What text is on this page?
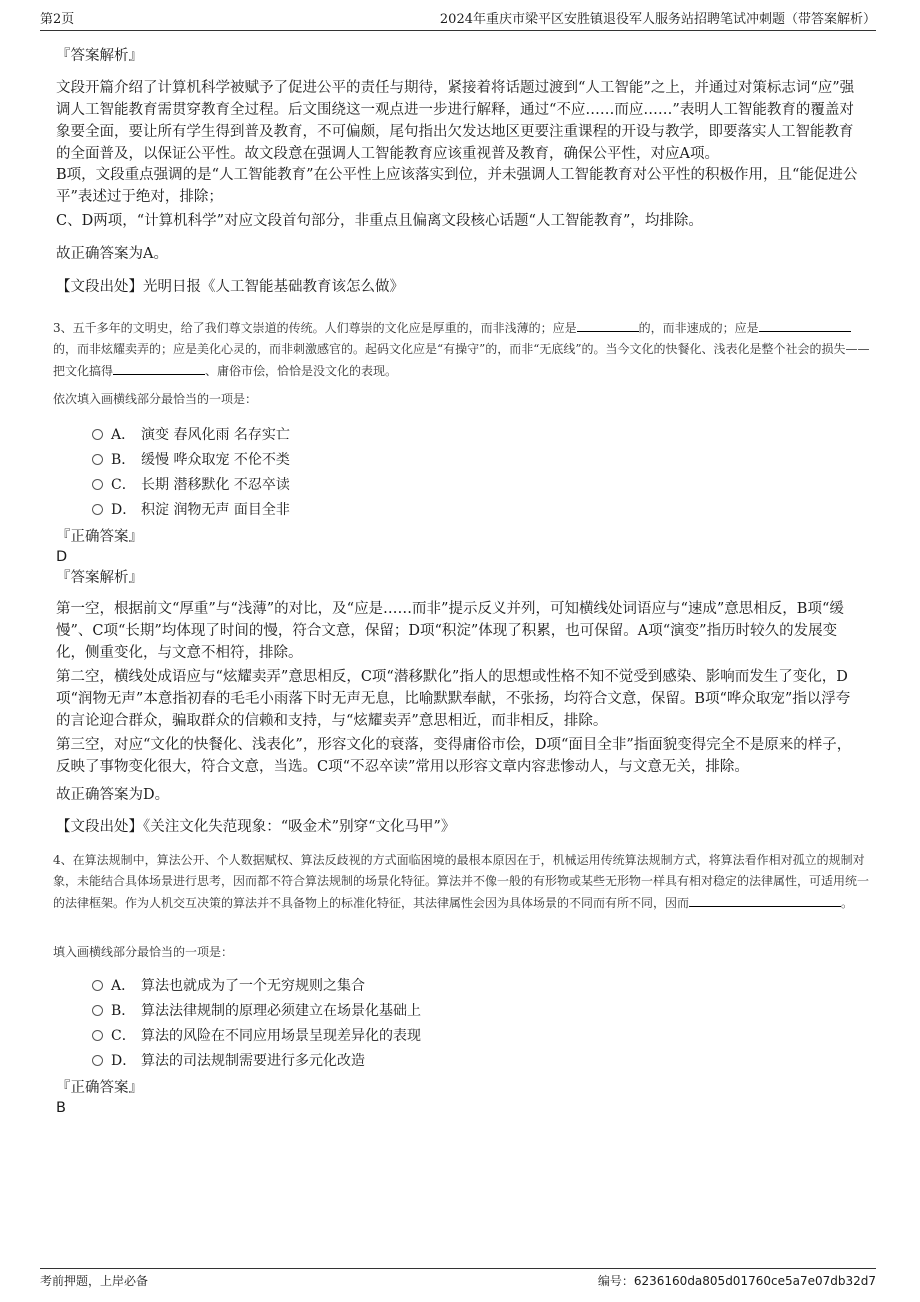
第2页	2024年重庆市梁平区安胜镇退役军人服务站招聘笔试冲刺题（带答案解析）

『答案解析』

文段开篇介绍了计算机科学被赋予了促进公平的责任与期待，紧接着将话题过渡到“人工智能”之上，并通过对策标志词“应”强调人工智能教育需贯穿教育全过程。后文围绕这一观点进一步进行解释，通过“不应……而应……”表明人工智能教育的覆盖对象要全面，要让所有学生得到普及教育，不可偏颇，尾句指出欠发达地区更要注重课程的开设与教学，即要落实人工智能教育的全面普及，以保证公平性。故文段意在强调人工智能教育应该重视普及教育，确保公平性，对应A项。

B项，文段重点强调的是“人工智能教育”在公平性上应该落实到位，并未强调人工智能教育对公平性的积极作用，且“能促进公平”表述过于绝对，排除；

C、D两项，“计算机科学”对应文段首句部分，非重点且偏离文段核心话题“人工智能教育”，均排除。

故正确答案为A。

【文段出处】光明日报《人工智能基础教育该怎么做》

3、五千多年的文明史，给了我们尊文崇道的传统。人们尊崇的文化应是厚重的，而非浅薄的；应是	的，而非速成的；应是的，而非炫耀卖弄的；应是美化心灵的，而非刺激感官的。起码文化应是“有操守”的，而非“无底线”的。当今文化的快餐化、浅表化是整个社会的损失——把文化搞得	、庸俗市侩，恰恰是没文化的表现。

依次填入画横线部分最恰当的一项是：

A． 演变 春风化雨 名存实亡
B． 缓慢 哗众取宠 不伦不类
C． 长期 潜移默化 不忍卒读
D． 积淀 润物无声 面目全非

『正确答案』

D

『答案解析』

第一空，根据前文“厚重”与“浅薄”的对比，及“应是……而非”提示反义并列，可知横线处词语应与“速成”意思相反，B项“缓慢”、C项“长期”均体现了时间的慢，符合文意，保留；D项“积淀”体现了积累，也可保留。A项“演变”指历时较久的发展变化，侧重变化，与文意不相符，排除。

第二空，横线处成语应与“炫耀卖弄”意思相反，C项“潜移默化”指人的思想或性格不知不觉受到感染、影响而发生了变化，D项“润物无声”本意指初春的毛毛小雨落下时无声无息，比喻默默奉献，不张扬，均符合文意，保留。B项“哗众取宠”指以浮夸的言论迎合群众，骗取群众的信赖和支持，与“炫耀卖弄”意思相近，而非相反，排除。

第三空，对应“文化的快餐化、浅表化”，形容文化的衰落，变得庸俗市侩，D项“面目全非”指面貌变得完全不是原来的样子，反映了事物变化很大，符合文意，当选。C项“不忍卒读”常用以形容文章内容悲惨动人，与文意无关，排除。

故正确答案为D。

【文段出处】《关注文化失范现象：“吸金术”别穿“文化马甲”》

4、在算法规制中，算法公开、个人数据赋权、算法反歧视的方式面临困境的最根本原因在于，机械运用传统算法规制方式，将算法看作相对孤立的规制对象，未能结合具体场景进行思考，因而都不符合算法规制的场景化特征。算法并不像一般的有形物或某些无形物一样具有相对稳定的法律属性，可适用统一的法律框架。作为人机交互决策的算法并不具备物上的标准化特征，其法律属性会因为具体场景的不同而有所不同，因而	。

填入画横线部分最恰当的一项是：

A． 算法也就成为了一个无穷规则之集合
B． 算法法律规制的原理必须建立在场景化基础上
C． 算法的风险在不同应用场景呈现差异化的表现
D． 算法的司法规制需要进行多元化改造

『正确答案』

B

考前押题，上岸必备	编号：6236160da805d01760ce5a7e07db32d7
